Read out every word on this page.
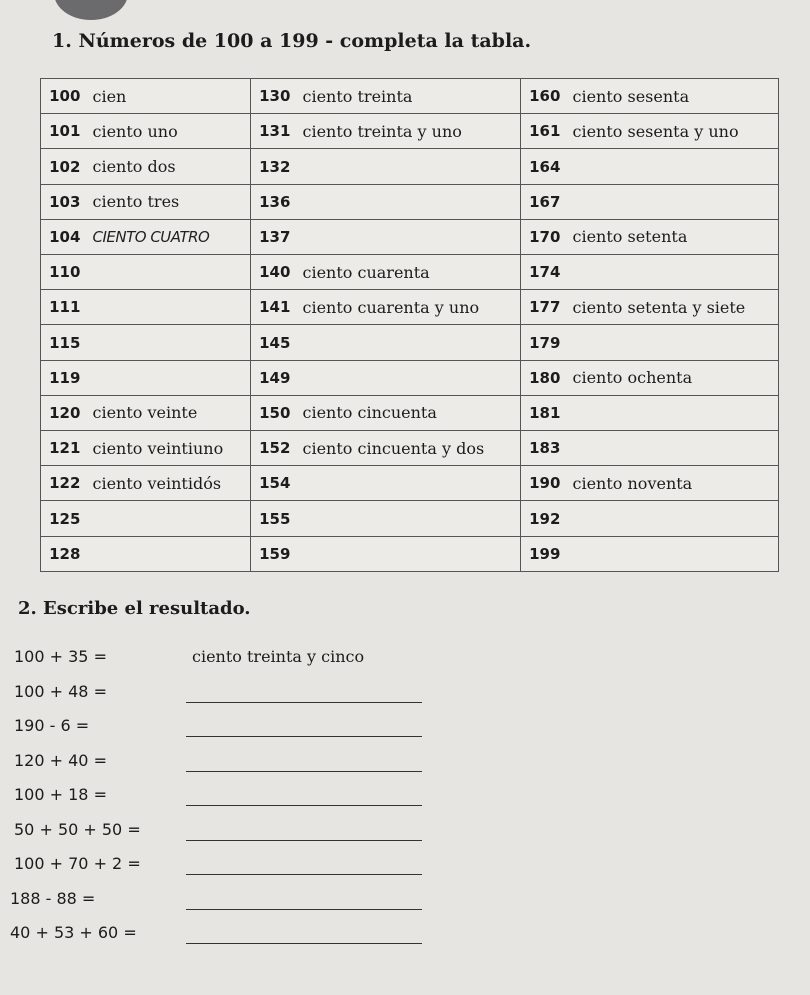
1. Números de 100 a 199 - completa la tabla.
100	cien	130	ciento treinta	160	ciento sesenta
101	ciento uno	131	ciento treinta y uno	161	ciento sesenta y uno
102	ciento dos	132		164	
103	ciento tres	136		167	
104	CIENTO CUATRO	137		170	ciento setenta
110		140	ciento cuarenta	174	
111		141	ciento cuarenta y uno	177	ciento setenta y siete
115		145		179	
119		149		180	ciento ochenta
120	ciento veinte	150	ciento cincuenta	181	
121	ciento veintiuno	152	ciento cincuenta y dos	183	
122	ciento veintidós	154		190	ciento noventa
125		155		192	
128		159		199	
2. Escribe el resultado.
100 + 35 =	ciento treinta y cinco
100 + 48 =
190 - 6 =
120 + 40 =
100 + 18 =
50 + 50 + 50 =
100 + 70 + 2 =
188 - 88 =
40 + 53 + 60 =
